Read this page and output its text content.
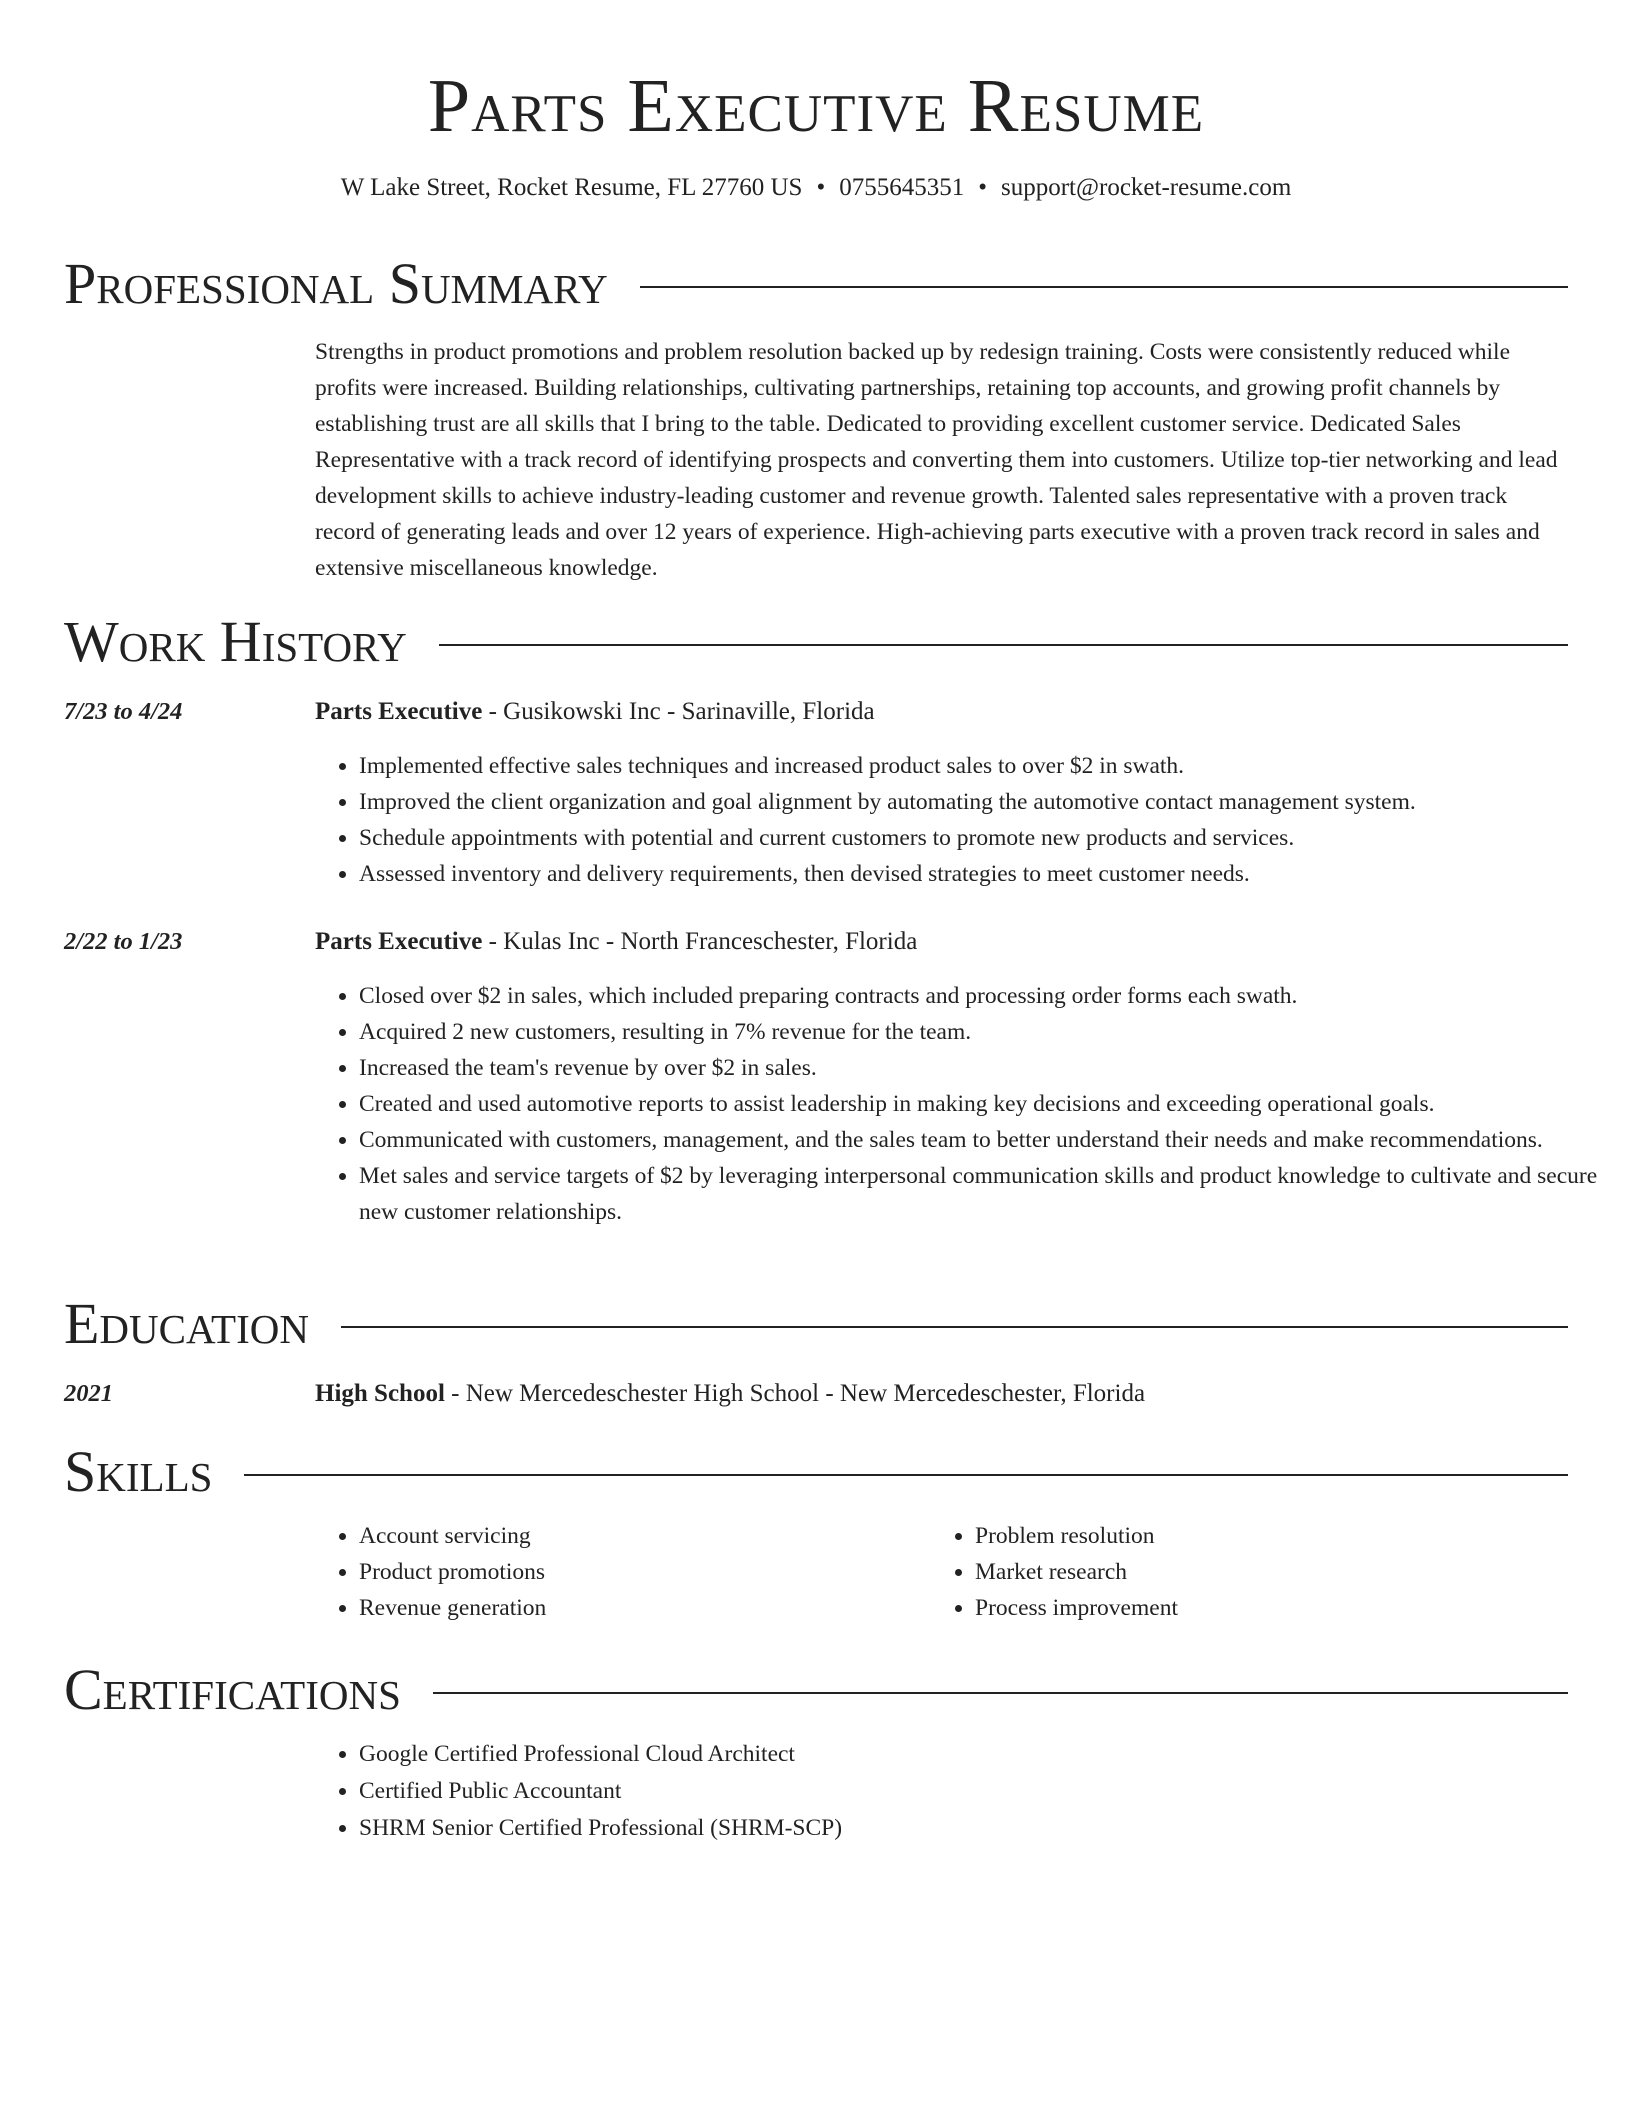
Parts Executive Resume
W Lake Street, Rocket Resume, FL 27760 US • 0755645351 • support@rocket-resume.com
Professional Summary

Strengths in product promotions and problem resolution backed up by redesign training. Costs were consistently reduced while profits were increased. Building relationships, cultivating partnerships, retaining top accounts, and growing profit channels by establishing trust are all skills that I bring to the table. Dedicated to providing excellent customer service. Dedicated Sales Representative with a track record of identifying prospects and converting them into customers. Utilize top-tier networking and lead development skills to achieve industry-leading customer and revenue growth. Talented sales representative with a proven track record of generating leads and over 12 years of experience. High-achieving parts executive with a proven track record in sales and extensive miscellaneous knowledge.

Work History
7/23 to 4/24	Parts Executive - Gusikowski Inc - Sarinaville, Florida
• Implemented effective sales techniques and increased product sales to over $2 in swath.
• Improved the client organization and goal alignment by automating the automotive contact management system.
• Schedule appointments with potential and current customers to promote new products and services.
• Assessed inventory and delivery requirements, then devised strategies to meet customer needs.
2/22 to 1/23	Parts Executive - Kulas Inc - North Franceschester, Florida
• Closed over $2 in sales, which included preparing contracts and processing order forms each swath.
• Acquired 2 new customers, resulting in 7% revenue for the team.
• Increased the team's revenue by over $2 in sales.
• Created and used automotive reports to assist leadership in making key decisions and exceeding operational goals.
• Communicated with customers, management, and the sales team to better understand their needs and make recommendations.
• Met sales and service targets of $2 by leveraging interpersonal communication skills and product knowledge to cultivate and secure new customer relationships.
Education
2021	High School - New Mercedeschester High School - New Mercedeschester, Florida
Skills
• Account servicing
• Product promotions
• Revenue generation
• Problem resolution
• Market research
• Process improvement
Certifications
• Google Certified Professional Cloud Architect
• Certified Public Accountant
• SHRM Senior Certified Professional (SHRM-SCP)
